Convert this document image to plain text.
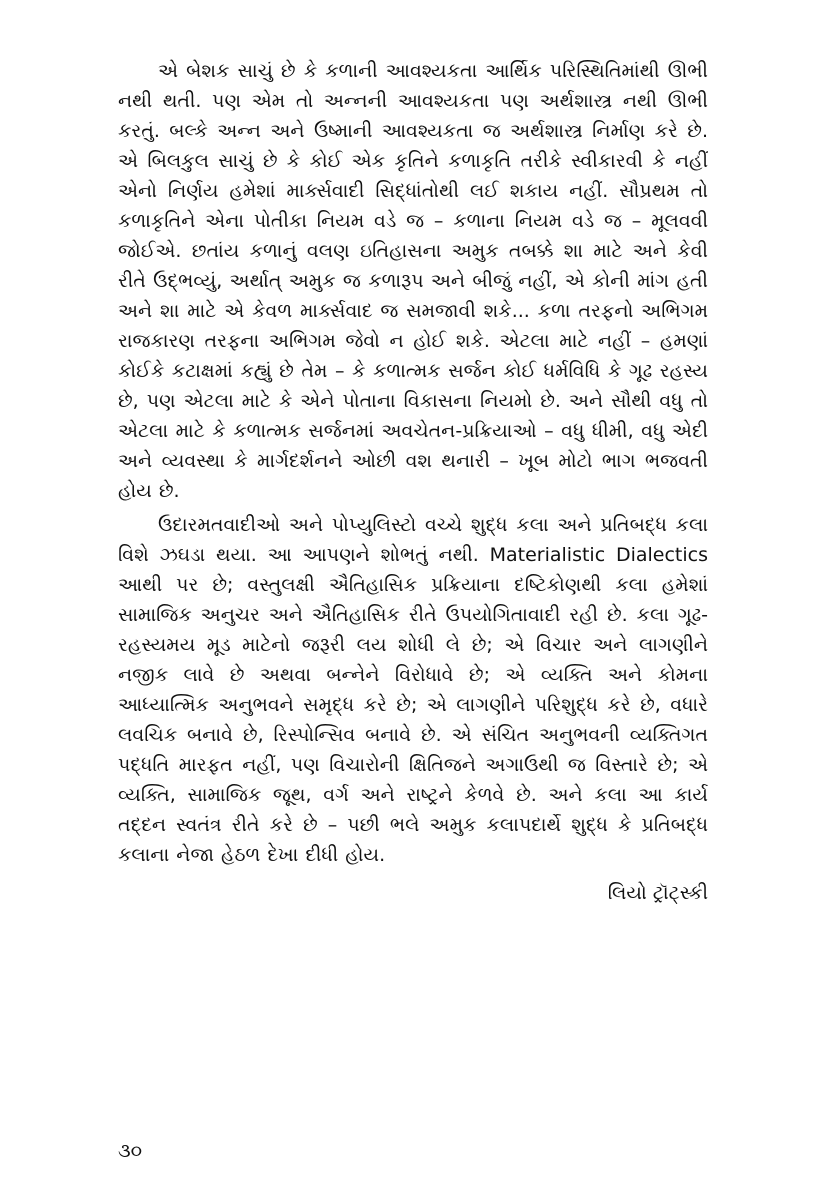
એ બેશક સાચું છે કે કળાની આવશ્યકતા આર્થિક પરિસ્થિતિમાંથી ઊભી નથી થતી. પણ એમ તો અન્નની આવશ્યકતા પણ અર્થશાસ્ત્ર નથી ઊભી કરતું. બલ્કે અન્ન અને ઉષ્માની આવશ્યકતા જ અર્થશાસ્ત્ર નિર્માણ કરે છે. એ બિલકુલ સાચું છે કે કોઈ એક કૃતિને કળાકૃતિ તરીકે સ્વીકારવી કે નહીં એનો નિર્ણય હમેશાં માર્ક્સવાદી સિદ્ધાંતોથી લઈ શકાય નહીં. સૌપ્રથમ તો કળાકૃતિને એના પોતીકા નિયમ વડે જ – કળાના નિયમ વડે જ – મૂલવવી જોઈએ. છતાંય કળાનું વલણ ઇતિહાસના અમુક તબક્કે શા માટે અને કેવી રીતે ઉદ્ભવ્યું, અર્થાત્ અમુક જ કળારૂપ અને બીજું નહીં, એ કોની માંગ હતી અને શા માટે એ કેવળ માર્ક્સવાદ જ સમજાવી શકે... કળા તરફનો અભિગમ રાજકારણ તરફના અભિગમ જેવો ન હોઈ શકે. એટલા માટે નહીં – હમણાં કોઈકે કટાક્ષમાં કહ્યું છે તેમ – કે કળાત્મક સર્જન કોઈ ધર્મવિધિ કે ગૂઢ રહસ્ય છે, પણ એટલા માટે કે એને પોતાના વિકાસના નિયમો છે. અને સૌથી વધુ તો એટલા માટે કે કળાત્મક સર્જનમાં અવચેતન-પ્રક્રિયાઓ – વધુ ધીમી, વધુ એદી અને વ્યવસ્થા કે માર્ગદર્શનને ઓછી વશ થનારી – ખૂબ મોટો ભાગ ભજવતી હોય છે.

ઉદારમતવાદીઓ અને પોપ્યુલિસ્ટો વચ્ચે શુદ્ધ કલા અને પ્રતિબદ્ધ કલા વિશે ઝઘડા થયા. આ આપણને શોભતું નથી. Materialistic Dialectics આથી પર છે; વસ્તુલક્ષી ઐતિહાસિક પ્રક્રિયાના દષ્ટિકોણથી કલા હમેશાં સામાજિક અનુચર અને ઐતિહાસિક રીતે ઉપયોગિતાવાદી રહી છે. કલા ગૂઢ-રહસ્યમય મૂડ માટેનો જરૂરી લય શોધી લે છે; એ વિચાર અને લાગણીને નજીક લાવે છે અથવા બન્નેને વિરોધાવે છે; એ વ્યક્તિ અને કોમના આધ્યાત્મિક અનુભવને સમૃદ્ધ કરે છે; એ લાગણીને પરિશુદ્ધ કરે છે, વધારે લવચિક બનાવે છે, રિસ્પોન્સિવ બનાવે છે. એ સંચિત અનુભવની વ્યક્તિગત પદ્ધતિ મારફત નહીં, પણ વિચારોની ક્ષિતિજને અગાઉથી જ વિસ્તારે છે; એ વ્યક્તિ, સામાજિક જૂથ, વર્ગ અને રાષ્ટ્રને કેળવે છે. અને કલા આ કાર્ય તદ્દન સ્વતંત્ર રીતે કરે છે – પછી ભલે અમુક કલાપદાર્થે શુદ્ધ કે પ્રતિબદ્ધ કલાના નેજા હેઠળ દેખા દીધી હોય.

લિયો ટ્રૉટ્સ્કી

૩૦
